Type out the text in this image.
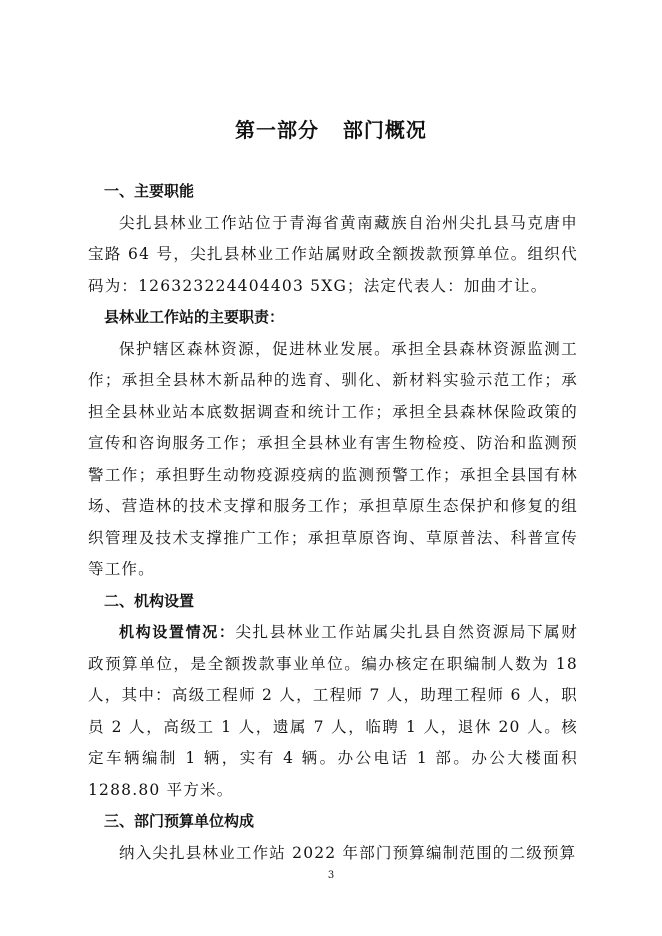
第一部分   部门概况
一、主要职能
尖扎县林业工作站位于青海省黄南藏族自治州尖扎县马克唐申宝路 64 号，尖扎县林业工作站属财政全额拨款预算单位。组织代码为：126323224404403 5XG；法定代表人：加曲才让。
县林业工作站的主要职责：
保护辖区森林资源，促进林业发展。承担全县森林资源监测工作；承担全县林木新品种的选育、驯化、新材料实验示范工作；承担全县林业站本底数据调查和统计工作；承担全县森林保险政策的宣传和咨询服务工作；承担全县林业有害生物检疫、防治和监测预警工作；承担野生动物疫源疫病的监测预警工作；承担全县国有林场、营造林的技术支撑和服务工作；承担草原生态保护和修复的组织管理及技术支撑推广工作；承担草原咨询、草原普法、科普宣传等工作。
二、机构设置
机构设置情况：尖扎县林业工作站属尖扎县自然资源局下属财政预算单位，是全额拨款事业单位。编办核定在职编制人数为 18 人，其中：高级工程师 2 人，工程师 7 人，助理工程师 6 人，职员 2 人，高级工 1 人，遗属 7 人，临聘 1 人，退休 20 人。核定车辆编制 1 辆，实有 4 辆。办公电话 1 部。办公大楼面积 1288.80 平方米。
三、部门预算单位构成
纳入尖扎县林业工作站 2022 年部门预算编制范围的二级预算
3
